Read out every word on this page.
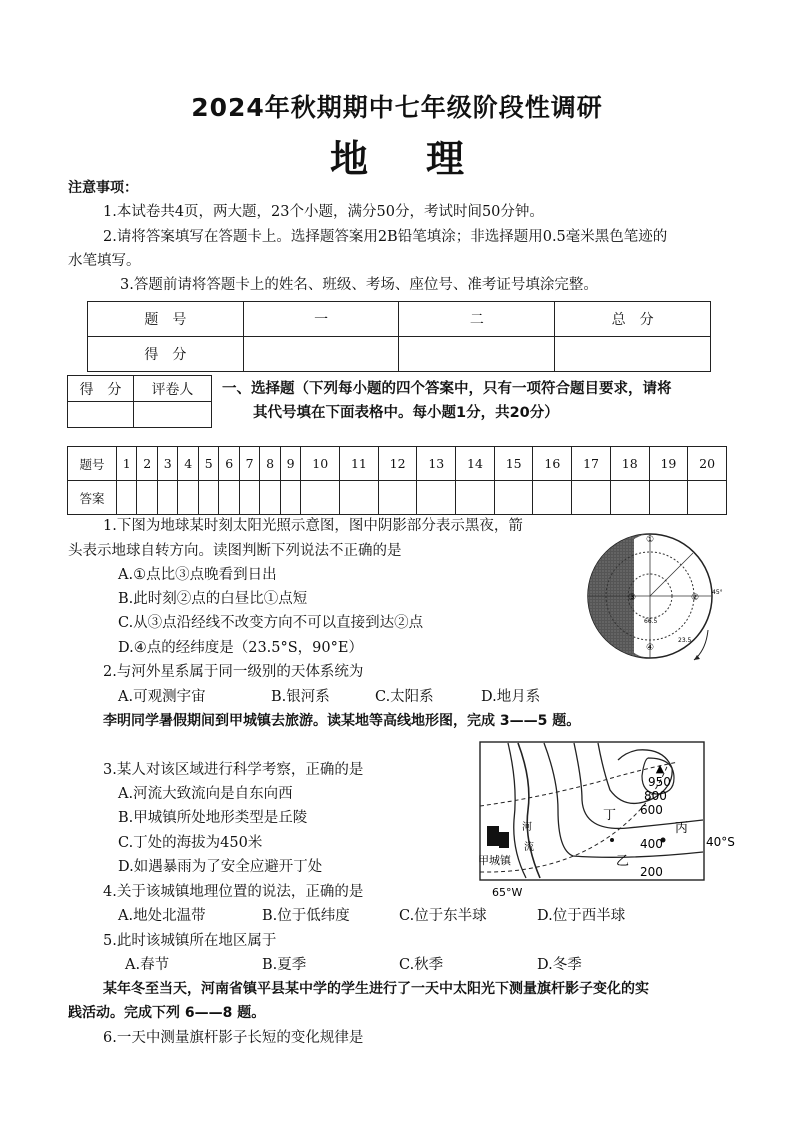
2024年秋期期中七年级阶段性调研
地理
注意事项：
1.本试卷共4页，两大题，23个小题，满分50分，考试时间50分钟。
2.请将答案填写在答题卡上。选择题答案用2B铅笔填涂；非选择题用0.5毫米黑色笔迹的
水笔填写。
3.答题前请将答题卡上的姓名、班级、考场、座位号、准考证号填涂完整。
题　号	一	二	总　分
得　分			
得　分	评卷人
	一、选择题（下列每小题的四个答案中，只有一项符合题目要求，请将
其代号填在下面表格中。每小题1分，共20分）
题号	1	2	3	4	5	6	7	8	9	10	11	12	13	14	15	16	17	18	19	20
答案																				
1.下图为地球某时刻太阳光照示意图，图中阴影部分表示黑夜，箭
头表示地球自转方向。读图判断下列说法不正确的是
A.①点比③点晚看到日出
B.此时刻②点的白昼比①点短
C.从③点沿经线不改变方向不可以直接到达②点
D.④点的经纬度是（23.5°S，90°E）
①
②
③
④
45°
66.5
23.5
2.与河外星系属于同一级别的天体系统为
A.可观测宇宙	B.银河系	C.太阳系	D.地月系
李明同学暑假期间到甲城镇去旅游。读某地等高线地形图，完成 3——5 题。
3.某人对该区域进行科学考察，正确的是
A.河流大致流向是自东向西
B.甲城镇所处地形类型是丘陵
C.丁处的海拔为450米
D.如遇暴雨为了安全应避开丁处
▲
丁
乙
丙
河
流
甲城镇
40°S
65°W
950
800
600
400
200
4.关于该城镇地理位置的说法，正确的是
A.地处北温带	B.位于低纬度	C.位于东半球	D.位于西半球
5.此时该城镇所在地区属于
A.春节	B.夏季	C.秋季	D.冬季
某年冬至当天，河南省镇平县某中学的学生进行了一天中太阳光下测量旗杆影子变化的实
践活动。完成下列 6——8 题。
6.一天中测量旗杆影子长短的变化规律是
